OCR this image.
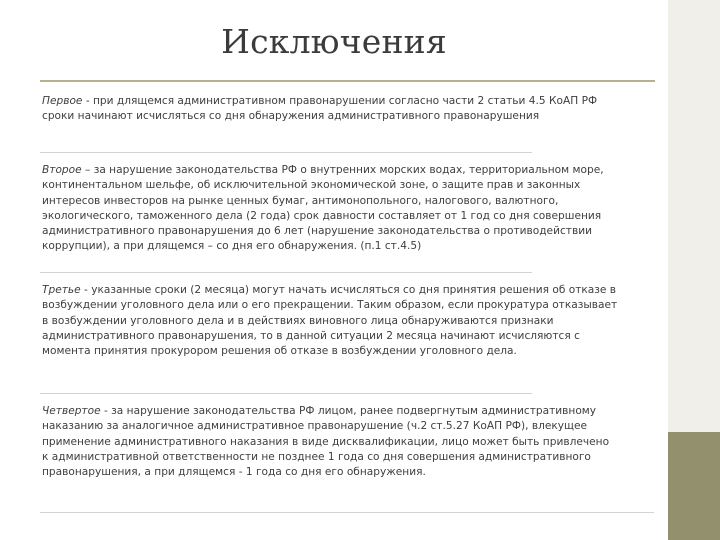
Исключения
Первое - при длящемся административном правонарушении согласно части 2 статьи 4.5 КоАП РФ
сроки начинают исчисляться со дня обнаружения административного правонарушения
Второе – за нарушение законодательства РФ о внутренних морских водах, территориальном море,
континентальном шельфе, об исключительной экономической зоне, о защите прав и законных
интересов инвесторов на рынке ценных бумаг, антимонопольного, налогового, валютного,
экологического, таможенного дела (2 года) срок давности составляет от 1 год со дня совершения
административного правонарушения до 6 лет (нарушение законодательства о противодействии
коррупции), а при длящемся – со дня его обнаружения. (п.1 ст.4.5)
Третье - указанные сроки (2 месяца) могут начать исчисляться со дня принятия решения об отказе в
возбуждении уголовного дела или о его прекращении. Таким образом, если прокуратура отказывает
в возбуждении уголовного дела и в действиях виновного лица обнаруживаются признаки
административного правонарушения, то в данной ситуации 2 месяца начинают исчисляются с
момента принятия прокурором решения об отказе в возбуждении уголовного дела.
Четвертое - за нарушение законодательства РФ лицом, ранее подвергнутым административному
наказанию за аналогичное административное правонарушение (ч.2 ст.5.27 КоАП РФ), влекущее
применение административного наказания в виде дисквалификации, лицо может быть привлечено
к административной ответственности не позднее 1 года со дня совершения административного
правонарушения, а при длящемся - 1 года со дня его обнаружения.
